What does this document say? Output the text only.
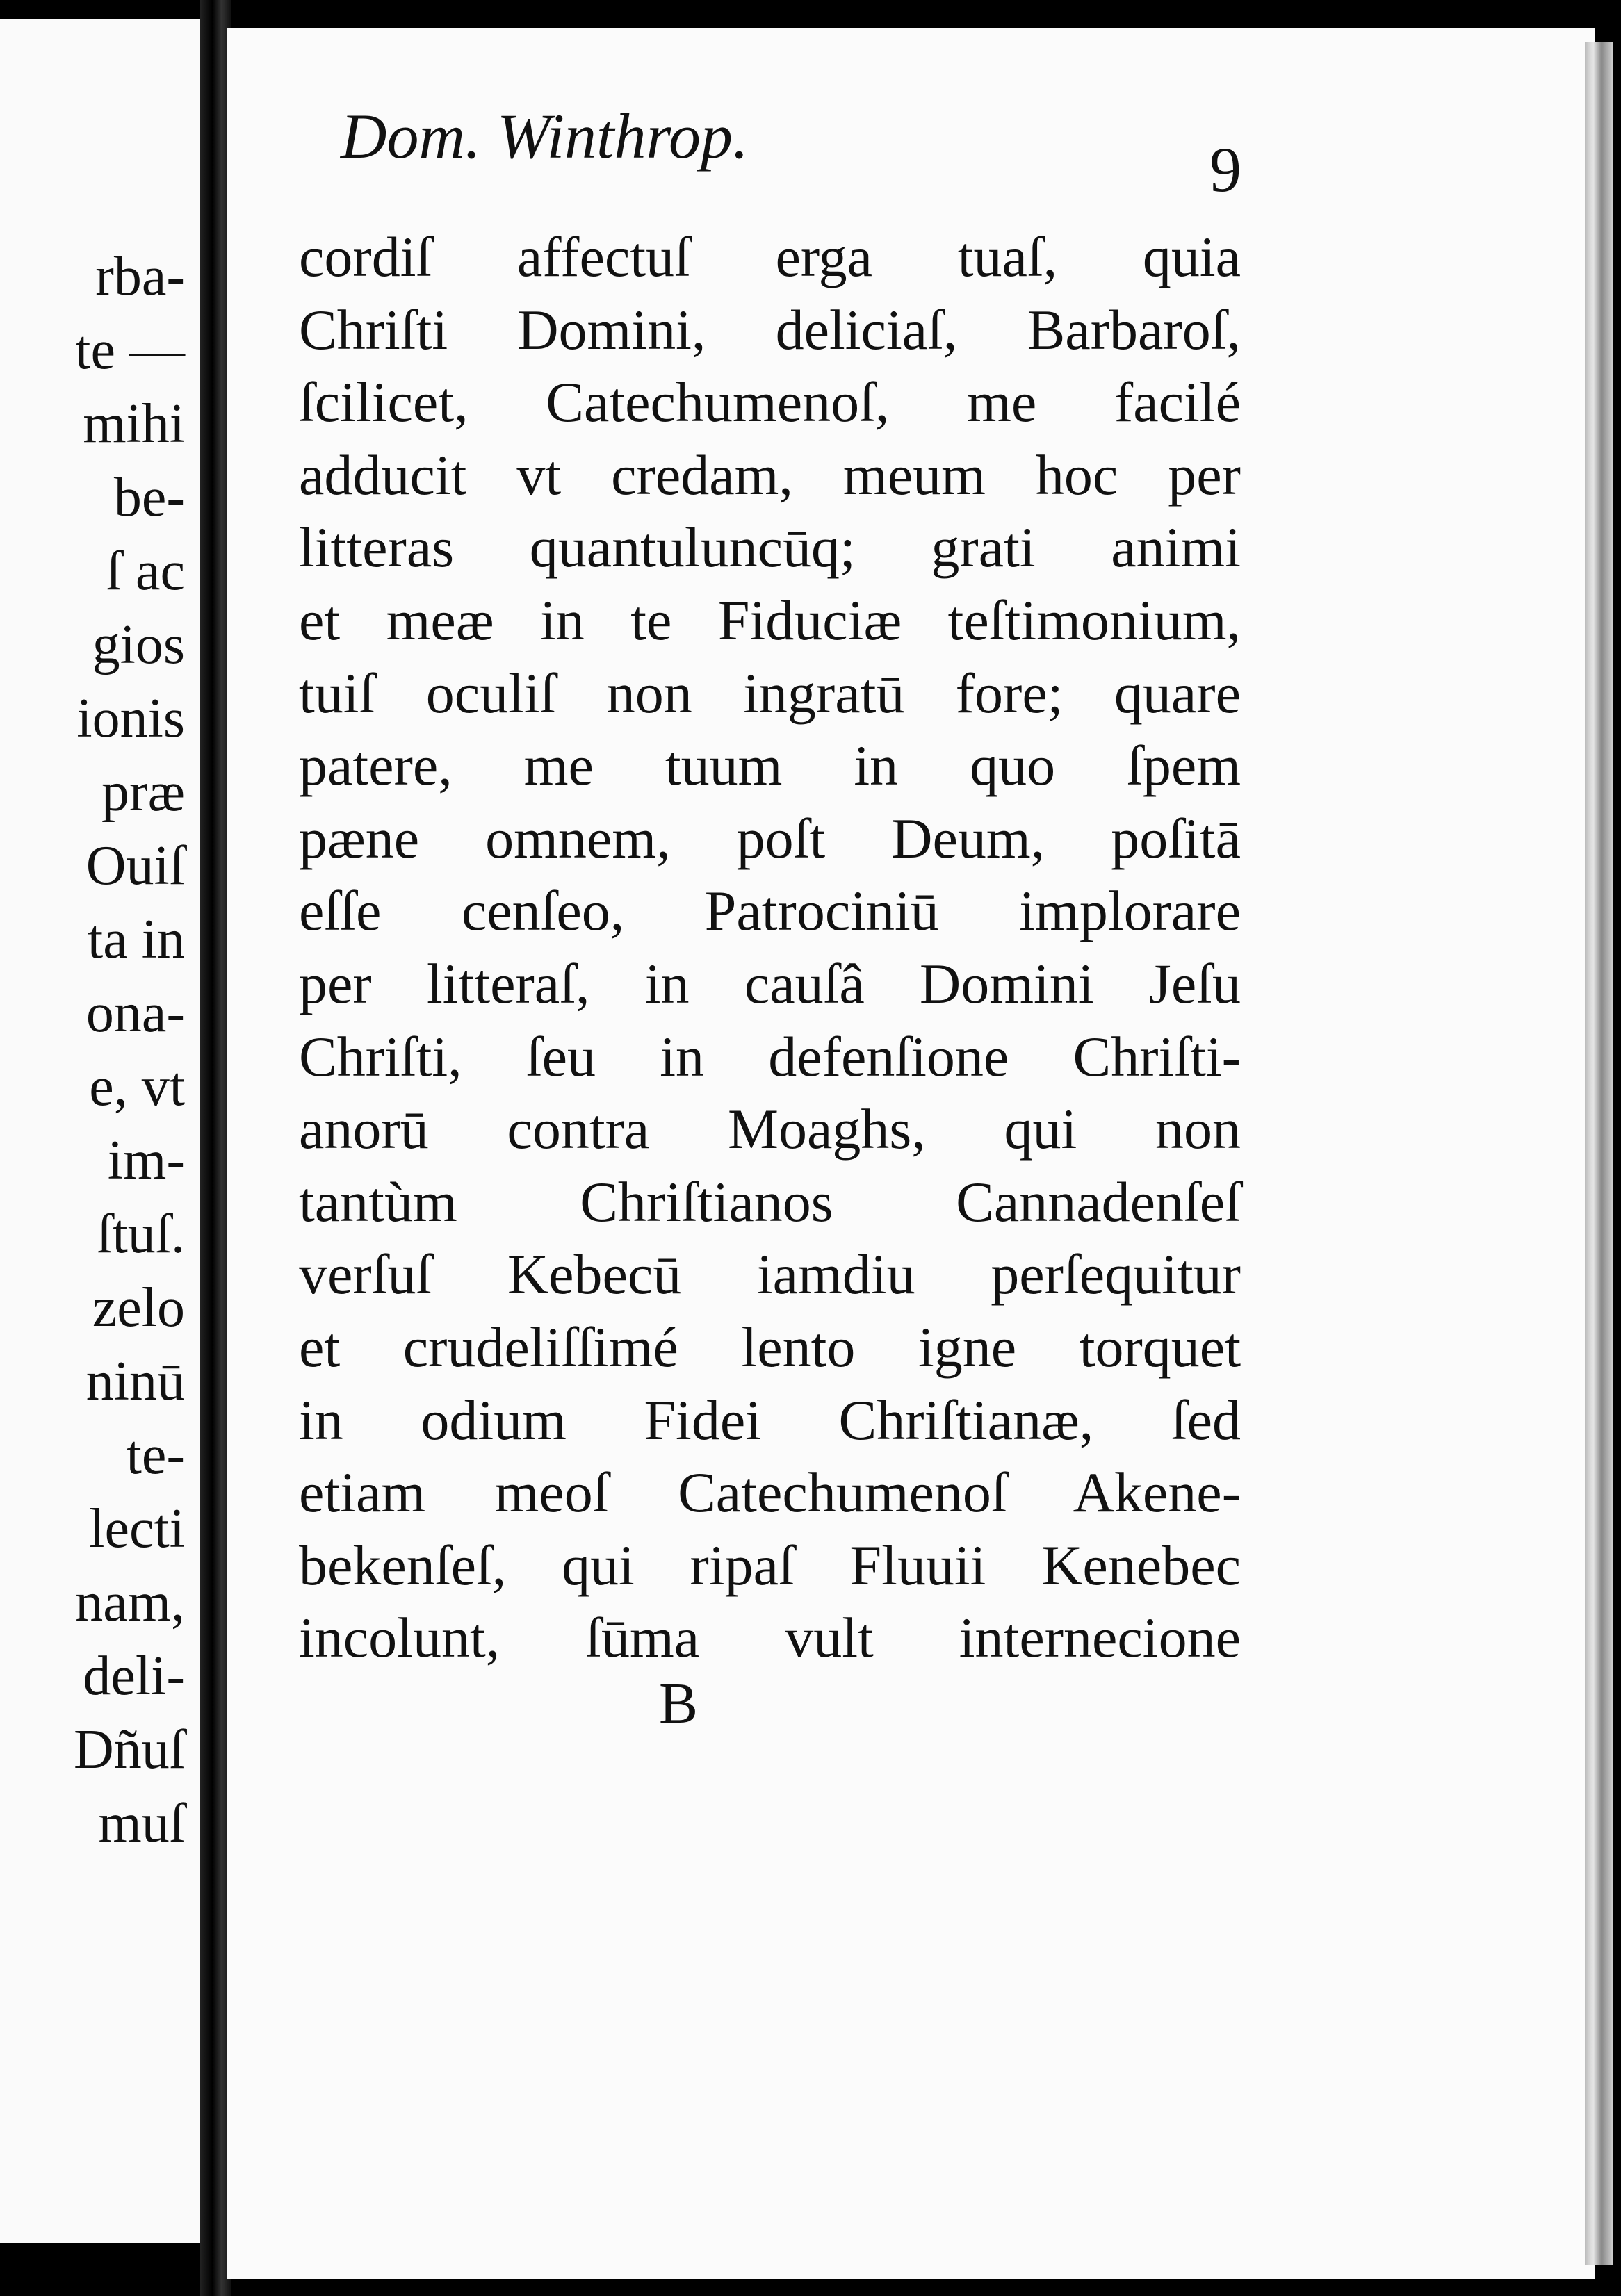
rba-
te —
mihi
be-
ſ ac
gios
ionis
præ
Ouiſ
ta in
ona-
e, vt
im-
ſtuſ.
zelo
ninū
te-
lecti
nam,
deli-
Dñuſ
muſ
Dom. Winthrop.	9
cordiſ affectuſ erga tuaſ, quia
Chriſti Domini, deliciaſ, Barbaroſ,
ſcilicet, Catechumenoſ, me facilé
adducit vt credam, meum hoc per
litteras quantuluncūq; grati animi
et meæ in te Fiduciæ teſtimonium,
tuiſ oculiſ non ingratū fore; quare
patere, me tuum in quo ſpem
pæne omnem, poſt Deum, poſitā
eſſe cenſeo, Patrociniū implorare
per litteraſ, in cauſâ Domini Jeſu
Chriſti, ſeu in defenſione Chriſti-
anorū contra Moaghs, qui non
tantùm Chriſtianos Cannadenſeſ
verſuſ Kebecū iamdiu perſequitur
et crudeliſſimé lento igne torquet
in odium Fidei Chriſtianæ, ſed
etiam meoſ Catechumenoſ Akene-
bekenſeſ, qui ripaſ Fluuii Kenebec
incolunt, ſūma vult internecione
B
